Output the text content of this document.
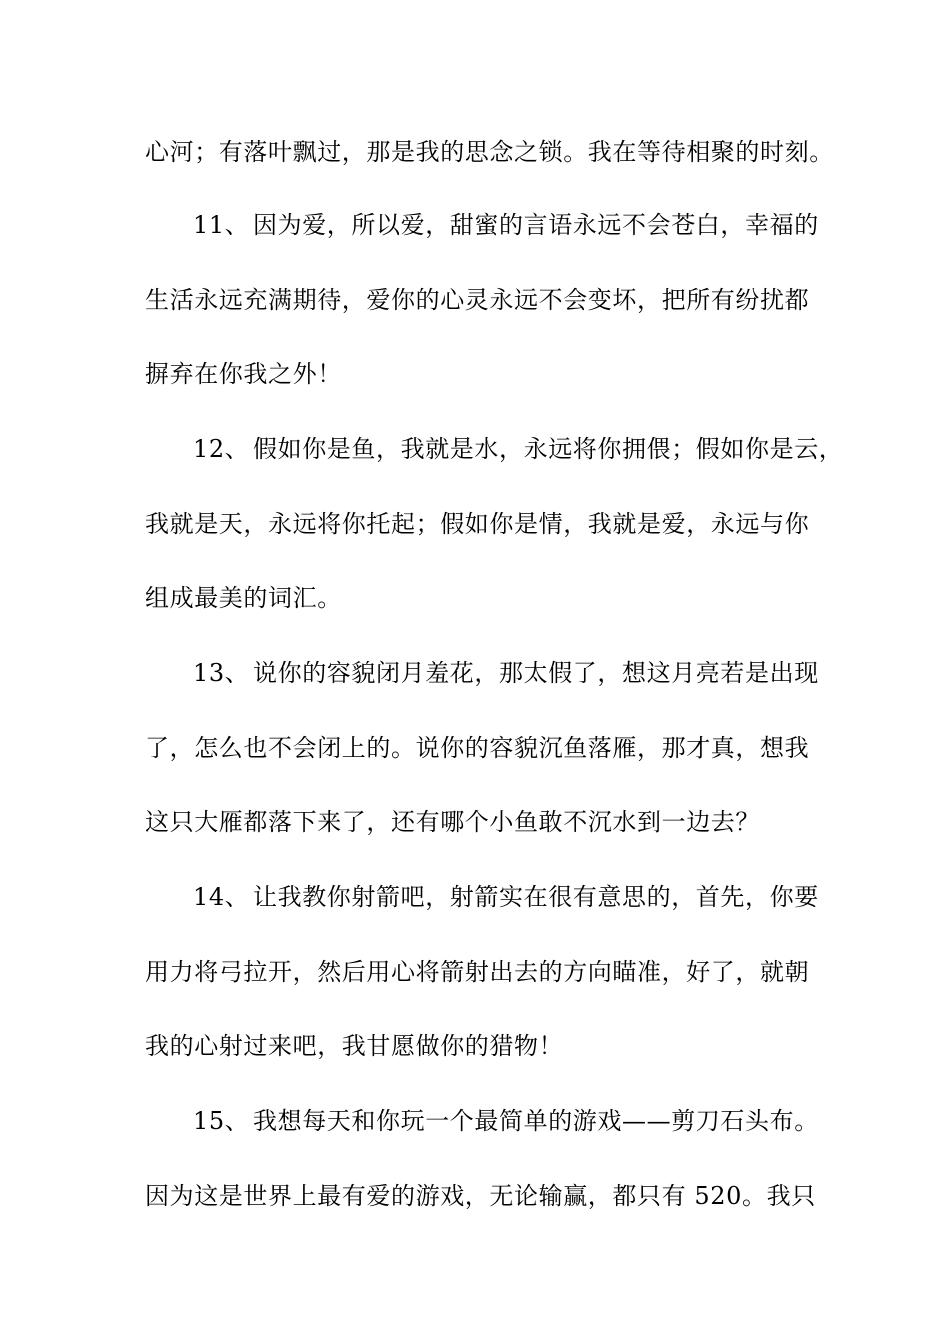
心河；有落叶飘过，那是我的思念之锁。我在等待相聚的时刻。
11、 因为爱，所以爱，甜蜜的言语永远不会苍白，幸福的
生活永远充满期待，爱你的心灵永远不会变坏，把所有纷扰都
摒弃在你我之外！
12、 假如你是鱼，我就是水，永远将你拥偎；假如你是云，
我就是天，永远将你托起；假如你是情，我就是爱，永远与你
组成最美的词汇。
13、 说你的容貌闭月羞花，那太假了，想这月亮若是出现
了，怎么也不会闭上的。说你的容貌沉鱼落雁，那才真，想我
这只大雁都落下来了，还有哪个小鱼敢不沉水到一边去？
14、 让我教你射箭吧，射箭实在很有意思的，首先，你要
用力将弓拉开，然后用心将箭射出去的方向瞄准，好了，就朝
我的心射过来吧，我甘愿做你的猎物！
15、 我想每天和你玩一个最简单的游戏——剪刀石头布。
因为这是世界上最有爱的游戏，无论输赢，都只有 520。我只
